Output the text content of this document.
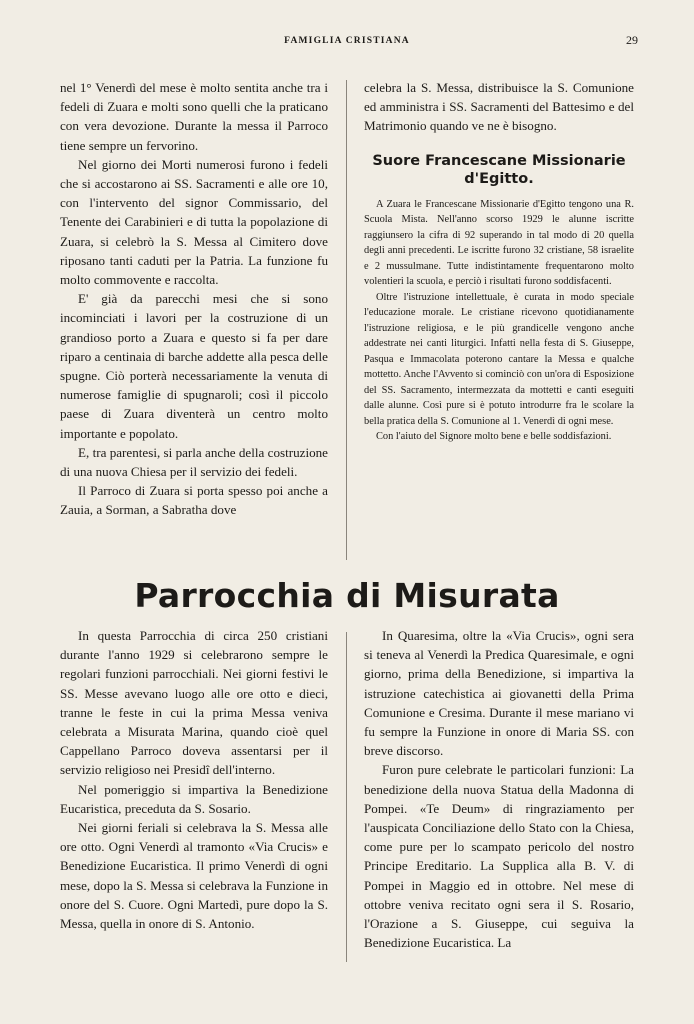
FAMIGLIA CRISTIANA	29

nel 1° Venerdì del mese è molto sentita anche tra i fedeli di Zuara e molti sono quelli che la praticano con vera devozione. Durante la messa il Parroco tiene sempre un fervorino.

Nel giorno dei Morti numerosi furono i fedeli che si accostarono ai SS. Sacramenti e alle ore 10, con l'intervento del signor Commissario, del Tenente dei Carabinieri e di tutta la popolazione di Zuara, si celebrò la S. Messa al Cimitero dove riposano tanti caduti per la Patria. La funzione fu molto commovente e raccolta.

E' già da parecchi mesi che si sono incominciati i lavori per la costruzione di un grandioso porto a Zuara e questo si fa per dare riparo a centinaia di barche addette alla pesca delle spugne. Ciò porterà necessariamente la venuta di numerose famiglie di spugnaroli; così il piccolo paese di Zuara diventerà un centro molto importante e popolato.

E, tra parentesi, si parla anche della costruzione di una nuova Chiesa per il servizio dei fedeli.

Il Parroco di Zuara si porta spesso poi anche a Zauia, a Sorman, a Sabratha dove

celebra la S. Messa, distribuisce la S. Comunione ed amministra i SS. Sacramenti del Battesimo e del Matrimonio quando ve ne è bisogno.

Suore Francescane Missionarie d'Egitto.

A Zuara le Francescane Missionarie d'Egitto tengono una R. Scuola Mista. Nell'anno scorso 1929 le alunne iscritte raggiunsero la cifra di 92 superando in tal modo di 20 quella degli anni precedenti. Le iscritte furono 32 cristiane, 58 israelite e 2 mussulmane. Tutte indistintamente frequentarono molto volentieri la scuola, e perciò i risultati furono soddisfacenti.

Oltre l'istruzione intellettuale, è curata in modo speciale l'educazione morale. Le cristiane ricevono quotidianamente l'istruzione religiosa, e le più grandicelle vengono anche addestrate nei canti liturgici. Infatti nella festa di S. Giuseppe, Pasqua e Immacolata poterono cantare la Messa e qualche mottetto. Anche l'Avvento si cominciò con un'ora di Esposizione del SS. Sacramento, intermezzata da mottetti e canti eseguiti dalle alunne. Così pure si è potuto introdurre fra le scolare la bella pratica della S. Comunione al 1. Venerdì di ogni mese.

Con l'aiuto del Signore molto bene e belle soddisfazioni.

Parrocchia di Misurata

In questa Parrocchia di circa 250 cristiani durante l'anno 1929 si celebrarono sempre le regolari funzioni parrocchiali. Nei giorni festivi le SS. Messe avevano luogo alle ore otto e dieci, tranne le feste in cui la prima Messa veniva celebrata a Misurata Marina, quando cioè quel Cappellano Parroco doveva assentarsi per il servizio religioso nei Presidî dell'interno.

Nel pomeriggio si impartiva la Benedizione Eucaristica, preceduta da S. Sosario.

Nei giorni feriali si celebrava la S. Messa alle ore otto. Ogni Venerdì al tramonto «Via Crucis» e Benedizione Eucaristica. Il primo Venerdì di ogni mese, dopo la S. Messa si celebrava la Funzione in onore del S. Cuore. Ogni Martedì, pure dopo la S. Messa, quella in onore di S. Antonio.

In Quaresima, oltre la «Via Crucis», ogni sera si teneva al Venerdì la Predica Quaresimale, e ogni giorno, prima della Benedizione, si impartiva la istruzione catechistica ai giovanetti della Prima Comunione e Cresima. Durante il mese mariano vi fu sempre la Funzione in onore di Maria SS. con breve discorso.

Furon pure celebrate le particolari funzioni: La benedizione della nuova Statua della Madonna di Pompei. «Te Deum» di ringraziamento per l'auspicata Conciliazione dello Stato con la Chiesa, come pure per lo scampato pericolo del nostro Principe Ereditario. La Supplica alla B. V. di Pompei in Maggio ed in ottobre. Nel mese di ottobre veniva recitato ogni sera il S. Rosario, l'Orazione a S. Giuseppe, cui seguiva la Benedizione Eucaristica. La
